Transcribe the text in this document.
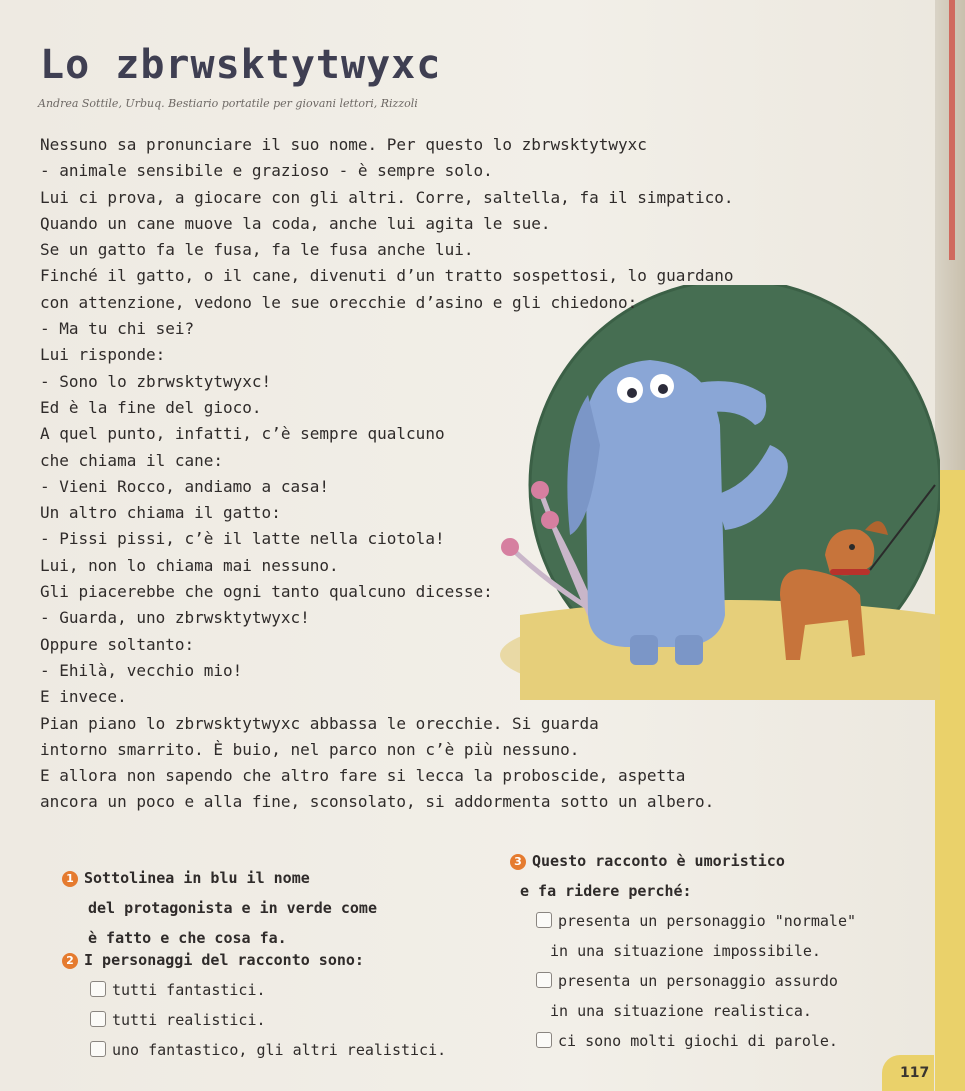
Lo zbrwsktytwyxc
Andrea Sottile, Urbuq. Bestiario portatile per giovani lettori, Rizzoli
Nessuno sa pronunciare il suo nome. Per questo lo zbrwsktytwyxc
- animale sensibile e grazioso - è sempre solo.
Lui ci prova, a giocare con gli altri. Corre, saltella, fa il simpatico.
Quando un cane muove la coda, anche lui agita le sue.
Se un gatto fa le fusa, fa le fusa anche lui.
Finché il gatto, o il cane, divenuti d’un tratto sospettosi, lo guardano
con attenzione, vedono le sue orecchie d’asino e gli chiedono:
- Ma tu chi sei?
Lui risponde:
- Sono lo zbrwsktytwyxc!
Ed è la fine del gioco.
A quel punto, infatti, c’è sempre qualcuno
che chiama il cane:
- Vieni Rocco, andiamo a casa!
Un altro chiama il gatto:
- Pissi pissi, c’è il latte nella ciotola!
Lui, non lo chiama mai nessuno.
Gli piacerebbe che ogni tanto qualcuno dicesse:
- Guarda, uno zbrwsktytwyxc!
Oppure soltanto:
- Ehilà, vecchio mio!
E invece.
Pian piano lo zbrwsktytwyxc abbassa le orecchie. Si guarda
intorno smarrito. È buio, nel parco non c’è più nessuno.
E allora non sapendo che altro fare si lecca la proboscide, aspetta
ancora un poco e alla fine, sconsolato, si addormenta sotto un albero.
1 Sottolinea in blu il nome
del protagonista e in verde come
è fatto e che cosa fa.
2 I personaggi del racconto sono:
tutti fantastici.
tutti realistici.
uno fantastico, gli altri realistici.
3 Questo racconto è umoristico
e fa ridere perché:
presenta un personaggio "normale"
in una situazione impossibile.
presenta un personaggio assurdo
in una situazione realistica.
ci sono molti giochi di parole.
117
